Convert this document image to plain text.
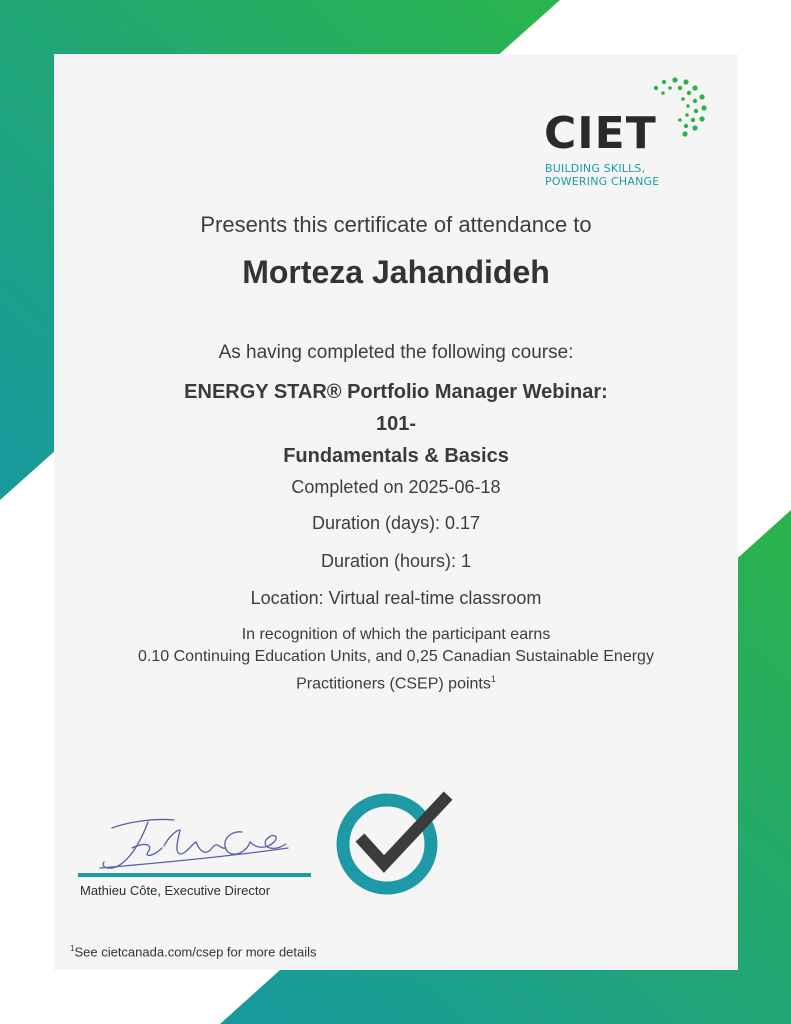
CIET
BUILDING SKILLS,
POWERING CHANGE
Presents this certificate of attendance to
Morteza Jahandideh
As having completed the following course:
ENERGY STAR® Portfolio Manager Webinar: 101-
Fundamentals & Basics
Completed on 2025-06-18
Duration (days): 0.17
Duration (hours): 1
Location: Virtual real-time classroom
In recognition of which the participant earns
0.10 Continuing Education Units, and 0,25 Canadian Sustainable Energy
Practitioners (CSEP) points$^1$
Mathieu Côte, Executive Director
$^1$See cietcanada.com/csep for more details
